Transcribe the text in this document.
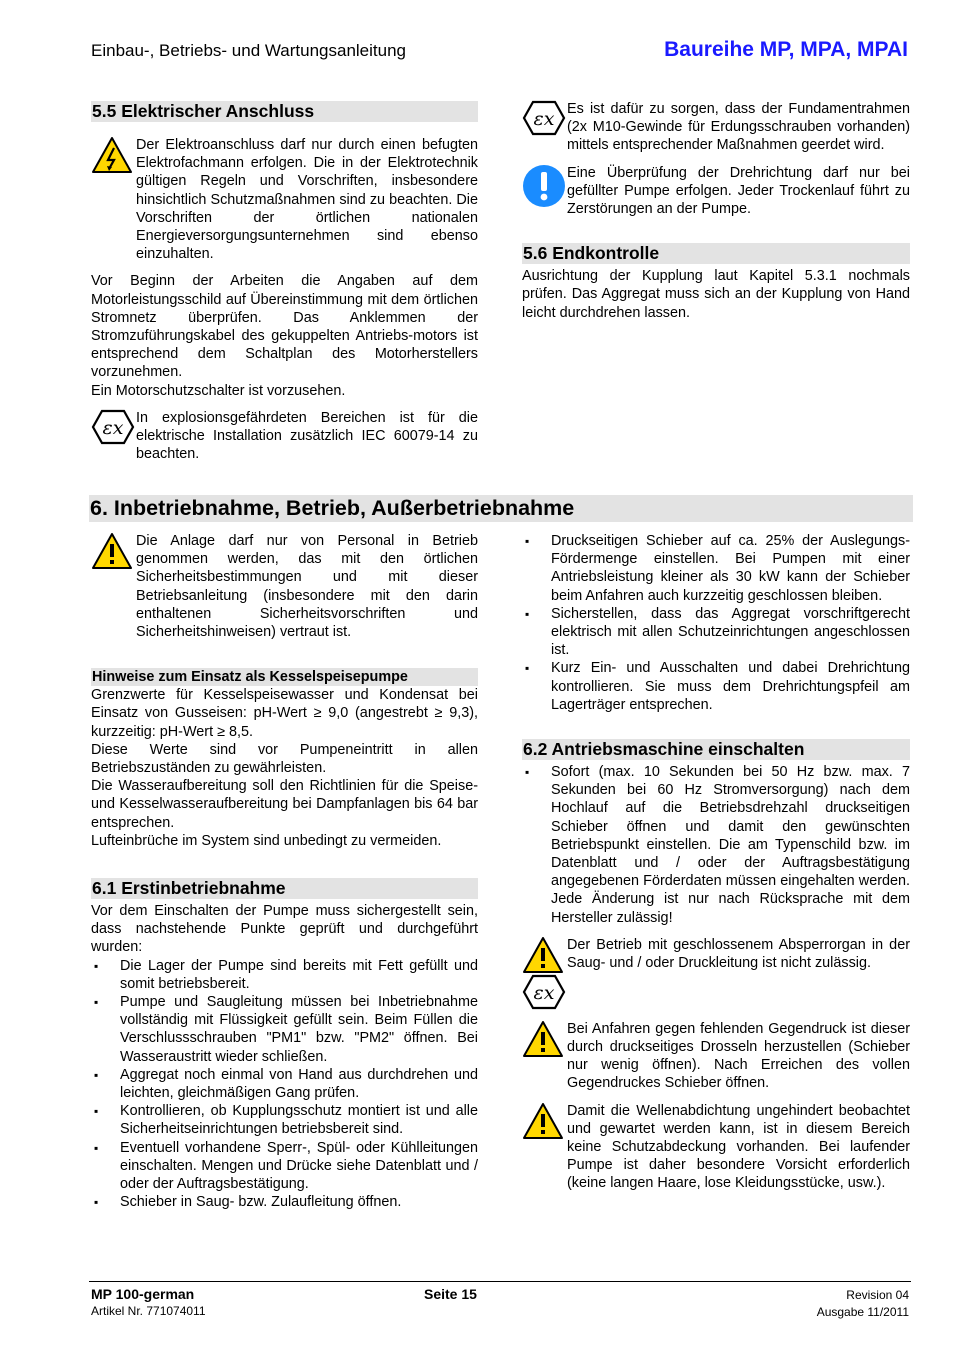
Einbau-, Betriebs- und Wartungsanleitung	Baureihe MP, MPA, MPAI
5.5 Elektrischer Anschluss

Der Elektroanschluss darf nur durch einen befugten Elektrofachmann erfolgen. Die in der Elektrotechnik gültigen Regeln und Vorschriften, insbesondere hinsichtlich Schutzmaßnahmen sind zu beachten. Die Vorschriften der örtlichen nationalen Energieversorgungsunternehmen sind ebenso einzuhalten.

Vor Beginn der Arbeiten die Angaben auf dem Motorleistungsschild auf Übereinstimmung mit dem örtlichen Stromnetz überprüfen. Das Anklemmen der Stromzuführungskabel des gekuppelten Antriebs-motors ist entsprechend dem Schaltplan des Motorherstellers vorzunehmen.

Ein Motorschutzschalter ist vorzusehen.

εx In explosionsgefährdeten Bereichen ist für die elektrische Installation zusätzlich IEC 60079-14 zu beachten.

εx Es ist dafür zu sorgen, dass der Fundamentrahmen (2x M10-Gewinde für Erdungsschrauben vorhanden) mittels entsprechender Maßnahmen geerdet wird.

Eine Überprüfung der Drehrichtung darf nur bei gefüllter Pumpe erfolgen. Jeder Trockenlauf führt zu Zerstörungen an der Pumpe.

5.6 Endkontrolle

Ausrichtung der Kupplung laut Kapitel 5.3.1 nochmals prüfen. Das Aggregat muss sich an der Kupplung von Hand leicht durchdrehen lassen.

6. Inbetriebnahme, Betrieb, Außerbetriebnahme

Die Anlage darf nur von Personal in Betrieb genommen werden, das mit den örtlichen Sicherheitsbestimmungen und mit dieser Betriebsanleitung (insbesondere mit den darin enthaltenen Sicherheitsvorschriften und Sicherheitshinweisen) vertraut ist.

Hinweise zum Einsatz als Kesselspeisepumpe

Grenzwerte für Kesselspeisewasser und Kondensat bei Einsatz von Gusseisen: pH-Wert ≥ 9,0 (angestrebt ≥ 9,3), kurzzeitig: pH-Wert ≥ 8,5.

Diese Werte sind vor Pumpeneintritt in allen Betriebszuständen zu gewährleisten.

Die Wasseraufbereitung soll den Richtlinien für die Speise- und Kesselwasseraufbereitung bei Dampfanlagen bis 64 bar entsprechen.

Lufteinbrüche im System sind unbedingt zu vermeiden.

6.1 Erstinbetriebnahme

Vor dem Einschalten der Pumpe muss sichergestellt sein, dass nachstehende Punkte geprüft und durchgeführt wurden:

▪ Die Lager der Pumpe sind bereits mit Fett gefüllt und somit betriebsbereit.
▪ Pumpe und Saugleitung müssen bei Inbetriebnahme vollständig mit Flüssigkeit gefüllt sein. Beim Füllen die Verschlussschrauben "PM1" bzw. "PM2" öffnen. Bei Wasseraustritt wieder schließen.
▪ Aggregat noch einmal von Hand aus durchdrehen und leichten, gleichmäßigen Gang prüfen.
▪ Kontrollieren, ob Kupplungsschutz montiert ist und alle Sicherheitseinrichtungen betriebsbereit sind.
▪ Eventuell vorhandene Sperr-, Spül- oder Kühlleitungen einschalten. Mengen und Drücke siehe Datenblatt und / oder der Auftragsbestätigung.
▪ Schieber in Saug- bzw. Zulaufleitung öffnen.
▪ Druckseitigen Schieber auf ca. 25% der Auslegungs-Fördermenge einstellen. Bei Pumpen mit einer Antriebsleistung kleiner als 30 kW kann der Schieber beim Anfahren auch kurzzeitig geschlossen bleiben.
▪ Sicherstellen, dass das Aggregat vorschriftgerecht elektrisch mit allen Schutzeinrichtungen angeschlossen ist.
▪ Kurz Ein- und Ausschalten und dabei Drehrichtung kontrollieren. Sie muss dem Drehrichtungspfeil am Lagerträger entsprechen.
6.2 Antriebsmaschine einschalten
▪ Sofort (max. 10 Sekunden bei 50 Hz bzw. max. 7 Sekunden bei 60 Hz Stromversorgung) nach dem Hochlauf auf die Betriebsdrehzahl druckseitigen Schieber öffnen und damit den gewünschten Betriebspunkt einstellen. Die am Typenschild bzw. im Datenblatt und / oder der Auftragsbestätigung angegebenen Förderdaten müssen eingehalten werden. Jede Änderung ist nur nach Rücksprache mit dem Hersteller zulässig!
εx

Der Betrieb mit geschlossenem Absperrorgan in der Saug- und / oder Druckleitung ist nicht zulässig.

Bei Anfahren gegen fehlenden Gegendruck ist dieser durch druckseitiges Drosseln herzustellen (Schieber nur wenig öffnen). Nach Erreichen des vollen Gegendruckes Schieber öffnen.

Damit die Wellenabdichtung ungehindert beobachtet und gewartet werden kann, ist in diesem Bereich keine Schutzabdeckung vorhanden. Bei laufender Pumpe ist daher besondere Vorsicht erforderlich (keine langen Haare, lose Kleidungsstücke, usw.).

MP 100-german	Seite 15	Revision 04
Artikel Nr. 771074011	Ausgabe 11/2011
